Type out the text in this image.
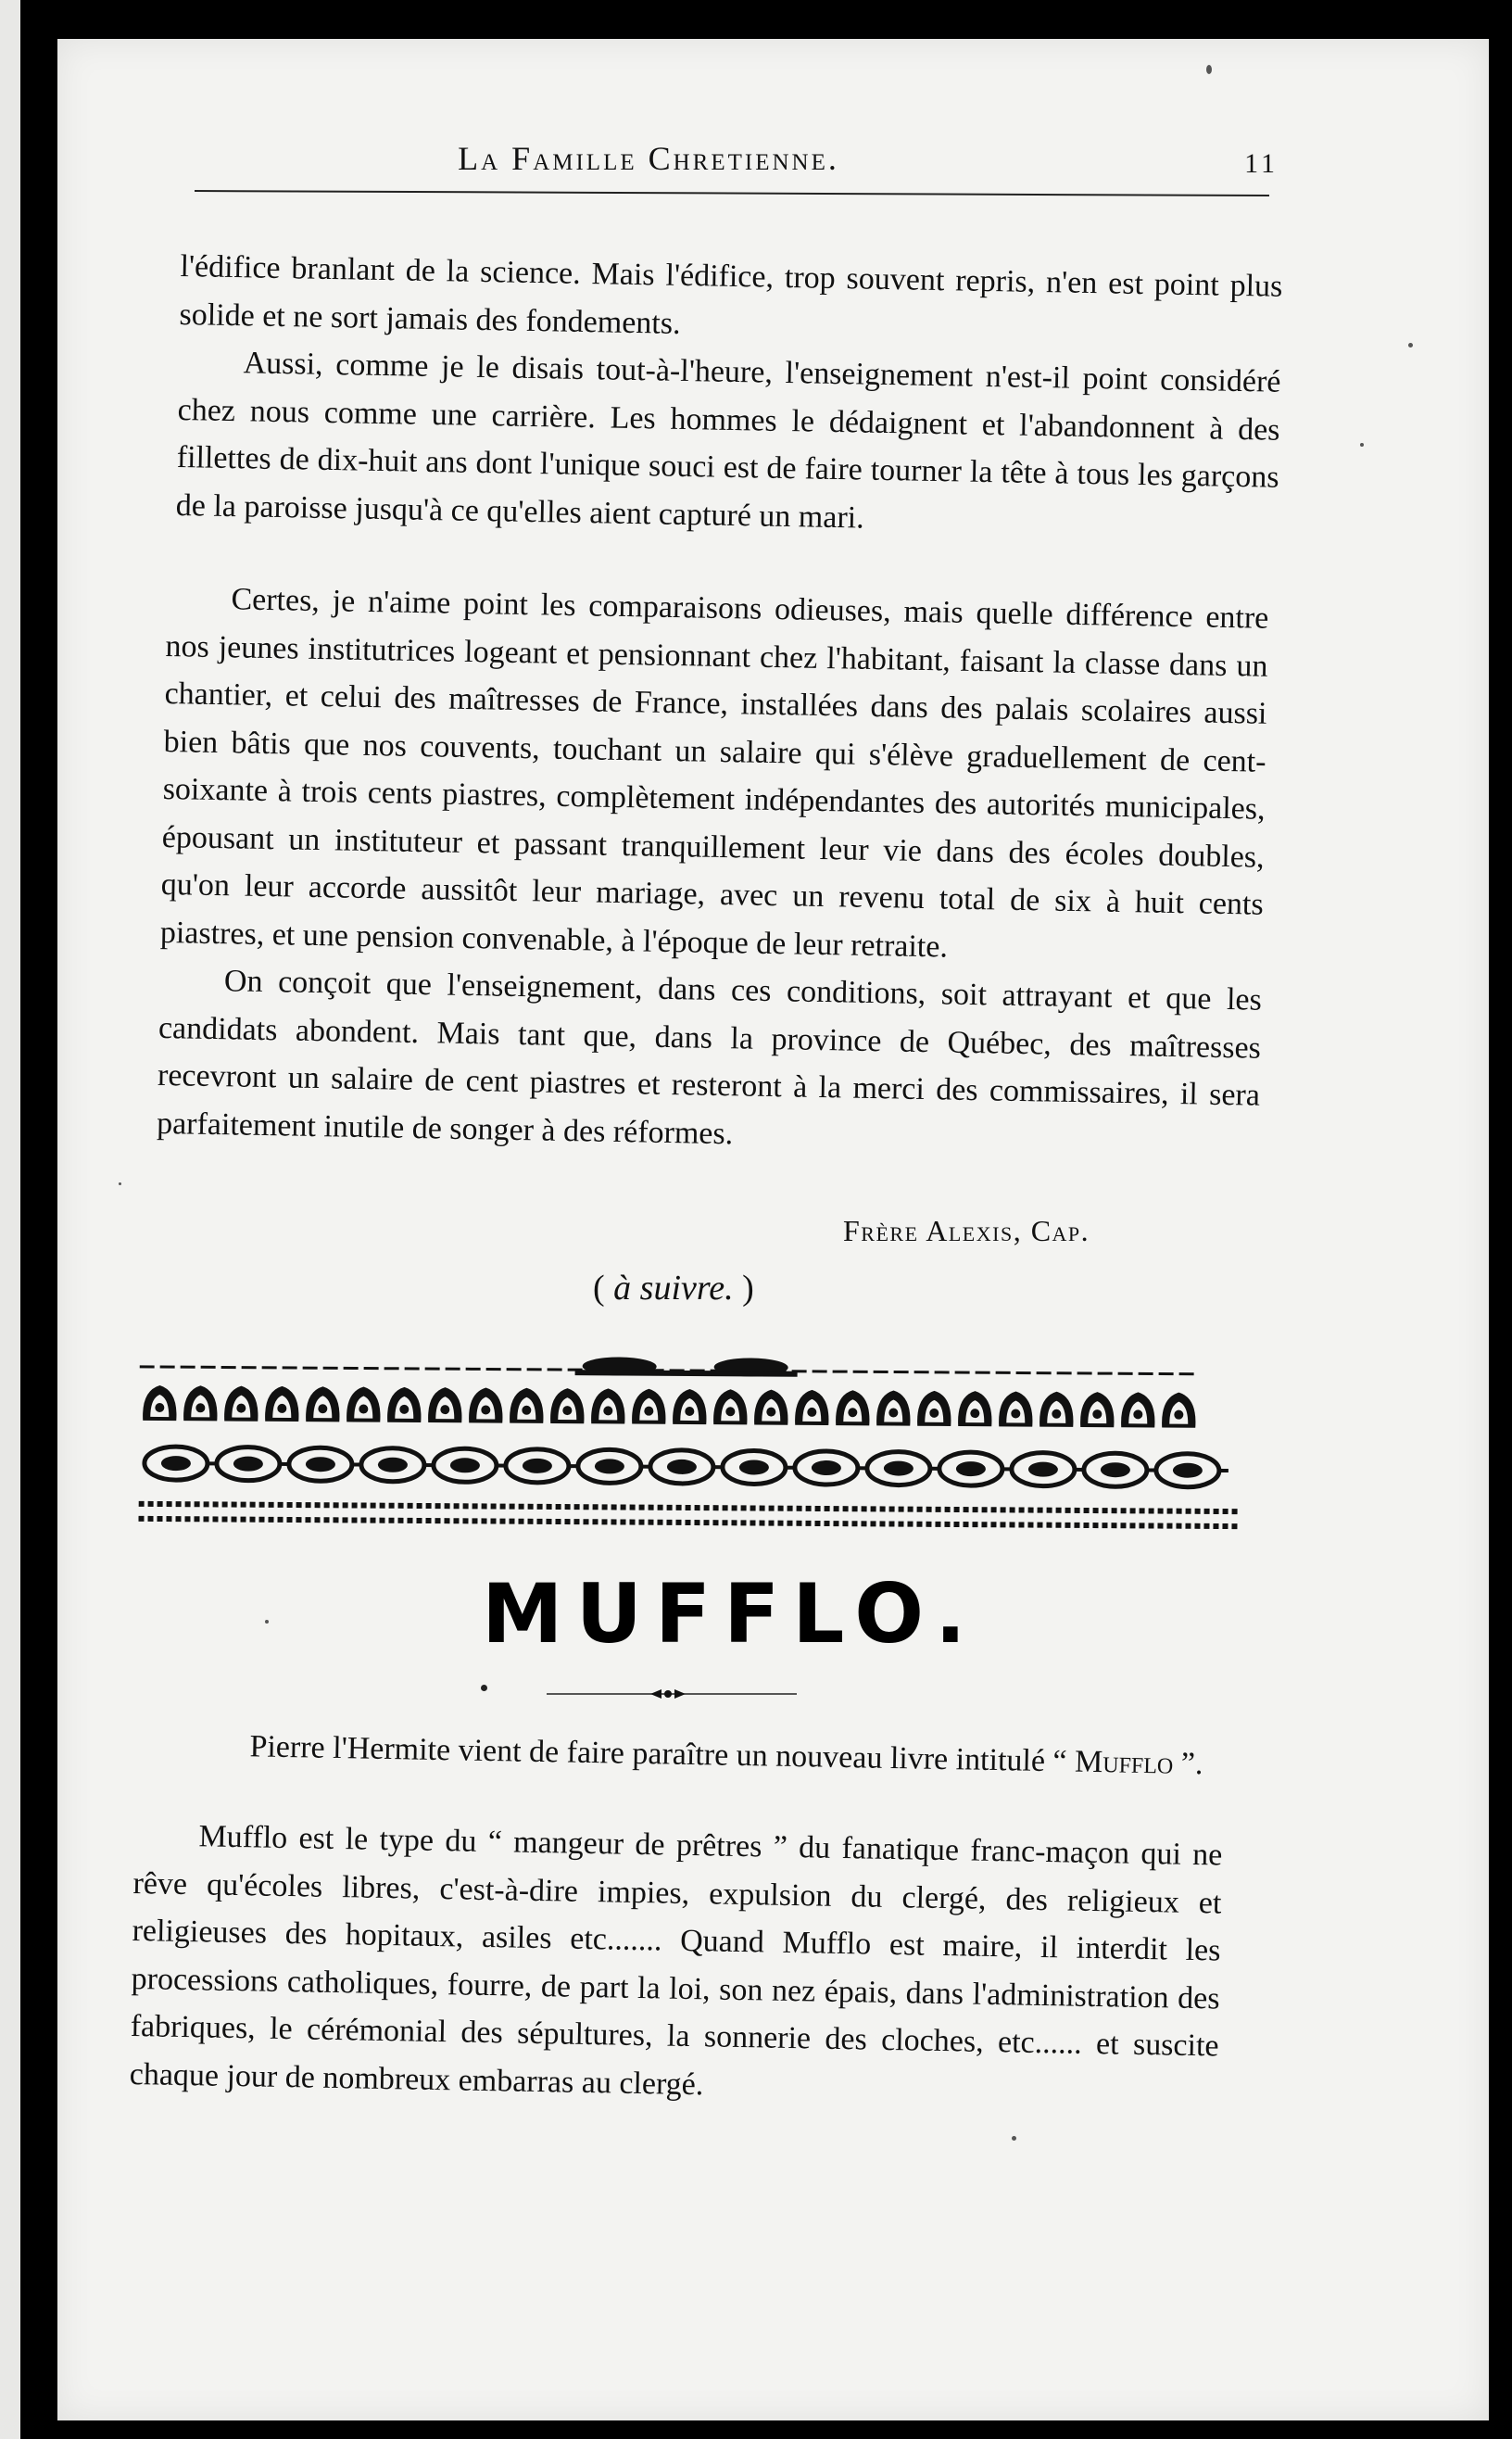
La Famille Chretienne.	11

l'édifice branlant de la science. Mais l'édifice, trop souvent repris, n'en est point plus solide et ne sort jamais des fondements.

Aussi, comme je le disais tout-à-l'heure, l'enseignement n'est-il point considéré chez nous comme une carrière. Les hommes le dédaignent et l'abandonnent à des fillettes de dix-huit ans dont l'unique souci est de faire tourner la tête à tous les garçons de la paroisse jusqu'à ce qu'elles aient capturé un mari.

Certes, je n'aime point les comparaisons odieuses, mais quelle différence entre nos jeunes institutrices logeant et pensionnant chez l'habitant, faisant la classe dans un chantier, et celui des maîtresses de France, installées dans des palais scolaires aussi bien bâtis que nos couvents, touchant un salaire qui s'élève graduellement de cent-soixante à trois cents piastres, complètement indépendantes des autorités municipales, épousant un instituteur et passant tranquillement leur vie dans des écoles doubles, qu'on leur accorde aussitôt leur mariage, avec un revenu total de six à huit cents piastres, et une pension convenable, à l'époque de leur retraite.

On conçoit que l'enseignement, dans ces conditions, soit attrayant et que les candidats abondent. Mais tant que, dans la province de Québec, des maîtresses recevront un salaire de cent piastres et resteront à la merci des commissaires, il sera parfaitement inutile de songer à des réformes.

Frère Alexis, Cap.
( à suivre. )
MUFFLO.

Pierre l'Hermite vient de faire paraître un nouveau livre intitulé “ Mufflo ”.

Mufflo est le type du “ mangeur de prêtres ” du fanatique franc-maçon qui ne rêve qu'écoles libres, c'est-à-dire impies, expulsion du clergé, des religieux et religieuses des hopitaux, asiles etc....... Quand Mufflo est maire, il interdit les processions catholiques, fourre, de part la loi, son nez épais, dans l'administration des fabriques, le cérémonial des sépultures, la sonnerie des cloches, etc...... et suscite chaque jour de nombreux embarras au clergé.
